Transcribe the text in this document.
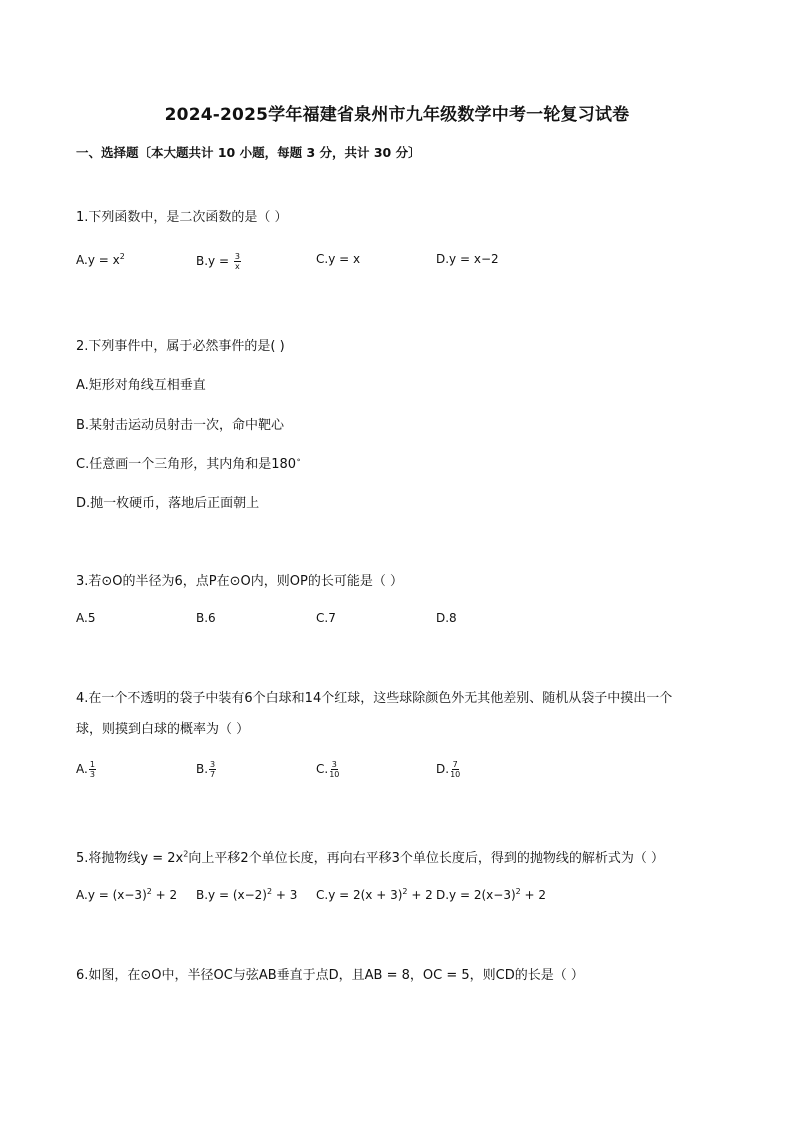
2024-2025学年福建省泉州市九年级数学中考一轮复习试卷
一、选择题〔本大题共计 10 小题，每题 3 分，共计 30 分〕
1.下列函数中，是二次函数的是（ ）
$A.y = x^2$	$B.y = \frac{3}{x}$	C.y = x	D.y = x−2
2.下列事件中，属于必然事件的是( )
A.矩形对角线互相垂直
B.某射击运动员射击一次，命中靶心
C.任意画一个三角形，其内角和是180∘
D.抛一枚硬币，落地后正面朝上
3.若⊙O的半径为6，点P在⊙O内，则OP的长可能是（ ）
A.5	B.6	C.7	D.8
4.在一个不透明的袋子中装有6个白球和14个红球，这些球除颜色外无其他差别、随机从袋子中摸出一个
球，则摸到白球的概率为（ ）
A. $\frac{1}{3}$	B. $\frac{3}{7}$	C. $\frac{3}{10}$	D. $\frac{7}{10}$
5.将抛物线$y = 2x^2$向上平移2个单位长度，再向右平移3个单位长度后，得到的抛物线的解析式为（ ）
$A.y = (x-3)^2 + 2$ $B.y = (x-2)^2 + 3$ $C.y = 2(x + 3)^2 + 2$ $D.y = 2(x-3)^2 + 2$
6.如图，在⊙O中，半径OC与弦AB垂直于点D，且AB = 8，OC = 5，则CD的长是（ ）
